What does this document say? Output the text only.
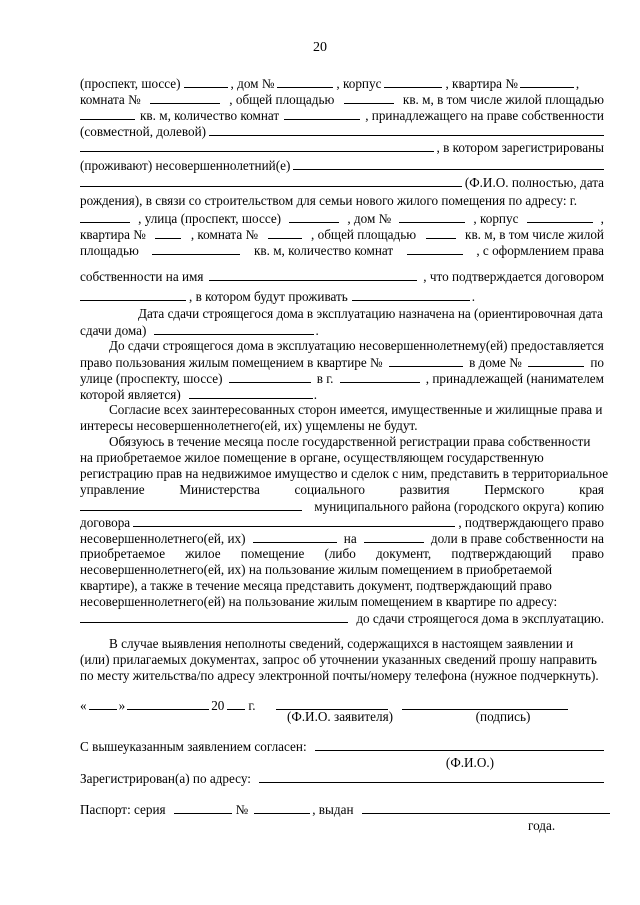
20
(проспект, шоссе)	, дом №	, корпус	, квартира №	,
комната №	, общей площадью	кв. м, в том числе жилой площадью
кв. м, количество комнат	, принадлежащего на праве собственности
(совместной, долевой)
, в котором зарегистрированы
(проживают) несовершеннолетний(е)
(Ф.И.О. полностью, дата
рождения), в связи со строительством для семьи нового жилого помещения по адресу: г.
, улица (проспект, шоссе)	, дом №	, корпус	,
квартира №	, комната №	, общей площадью	кв. м, в том числе жилой
площадью	кв. м, количество комнат	, с оформлением права
собственности на имя	, что подтверждается договором
, в котором будут проживать	.
Дата сдачи строящегося дома в эксплуатацию назначена на (ориентировочная дата
сдачи дома)	.
До сдачи строящегося дома в эксплуатацию несовершеннолетнему(ей) предоставляется
право пользования жилым помещением в квартире №	в доме №	по
улице (проспекту, шоссе)	в г.	, принадлежащей (нанимателем
которой является)	.
Согласие всех заинтересованных сторон имеется, имущественные и жилищные права и
интересы несовершеннолетнего(ей, их) ущемлены не будут.
Обязуюсь в течение месяца после государственной регистрации права собственности
на приобретаемое жилое помещение в органе, осуществляющем государственную
регистрацию прав на недвижимое имущество и сделок с ним, представить в территориальное
управление	Министерства	социального	развития	Пермского	края
муниципального района (городского округа) копию
договора	, подтверждающего право
несовершеннолетнего(ей, их)	на	доли в праве собственности на
приобретаемое жилое помещение (либо документ, подтверждающий право
несовершеннолетнего(ей, их) на пользование жилым помещением в приобретаемой
квартире), а также в течение месяца представить документ, подтверждающий право
несовершеннолетнего(ей) на пользование жилым помещением в квартире по адресу:
до сдачи строящегося дома в эксплуатацию.
В случае выявления неполноты сведений, содержащихся в настоящем заявлении и
(или) прилагаемых документах, запрос об уточнении указанных сведений прошу направить
по месту жительства/по адресу электронной почты/номеру телефона (нужное подчеркнуть).
« »	20 г.
(Ф.И.О. заявителя)	(подпись)
С вышеуказанным заявлением согласен:
(Ф.И.О.)
Зарегистрирован(а) по адресу:
Паспорт: серия	№	, выдан
года.
